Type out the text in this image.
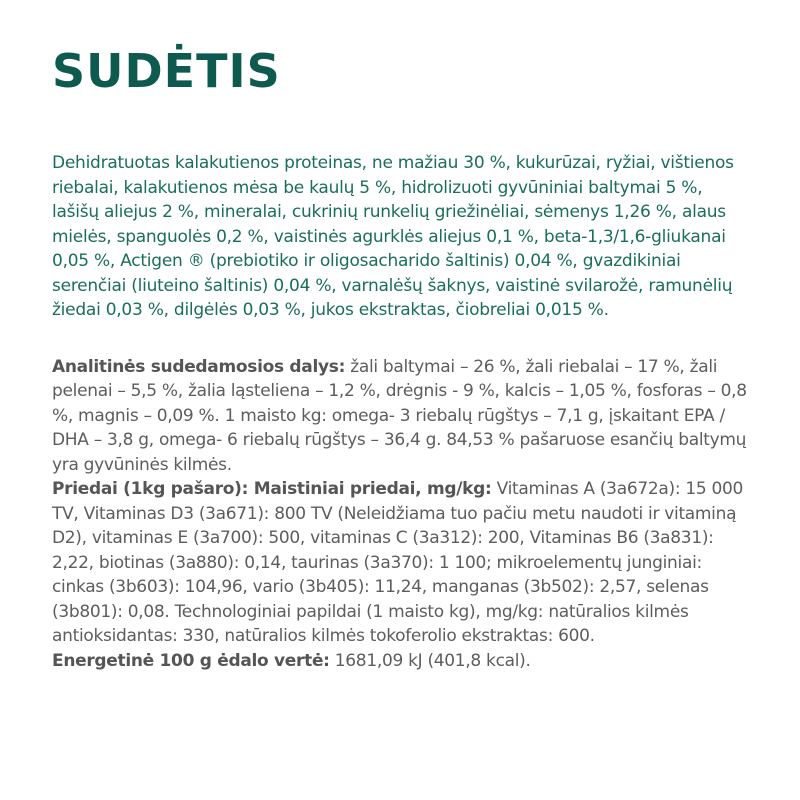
SUDĖTIS

Dehidratuotas kalakutienos proteinas, ne mažiau 30 %, kukurūzai, ryžiai, vištienos riebalai, kalakutienos mėsa be kaulų 5 %, hidrolizuoti gyvūniniai baltymai 5 %, lašišų aliejus 2 %, mineralai, cukrinių runkelių griežinėliai, sėmenys 1,26 %, alaus mielės, spanguolės 0,2 %, vaistinės agurklės aliejus 0,1 %, beta-1,3/1,6-gliukanai 0,05 %, Actigen ® (prebiotiko ir oligosacharido šaltinis) 0,04 %, gvazdikiniai serenčiai (liuteino šaltinis) 0,04 %, varnalėšų šaknys, vaistinė svilarožė, ramunėlių žiedai 0,03 %, dilgėlės 0,03 %, jukos ekstraktas, čiobreliai 0,015 %.

Analitinės sudedamosios dalys: žali baltymai – 26 %, žali riebalai – 17 %, žali pelenai – 5,5 %, žalia ląsteliena – 1,2 %, drėgnis - 9 %, kalcis – 1,05 %, fosforas – 0,8 %, magnis – 0,09 %. 1 maisto kg: omega- 3 riebalų rūgštys – 7,1 g, įskaitant EPA / DHA – 3,8 g, omega- 6 riebalų rūgštys – 36,4 g. 84,53 % pašaruose esančių baltymų yra gyvūninės kilmės.

Priedai (1kg pašaro): Maistiniai priedai, mg/kg: Vitaminas A (3a672a): 15 000 TV, Vitaminas D3 (3a671): 800 TV (Neleidžiama tuo pačiu metu naudoti ir vitaminą D2), vitaminas E (3a700): 500, vitaminas C (3a312): 200, Vitaminas B6 (3a831): 2,22, biotinas (3a880): 0,14, taurinas (3a370): 1 100; mikroelementų junginiai: cinkas (3b603): 104,96, vario (3b405): 11,24, manganas (3b502): 2,57, selenas (3b801): 0,08. Technologiniai papildai (1 maisto kg), mg/kg: natūralios kilmės antioksidantas: 330, natūralios kilmės tokoferolio ekstraktas: 600.

Energetinė 100 g ėdalo vertė: 1681,09 kJ (401,8 kcal).
